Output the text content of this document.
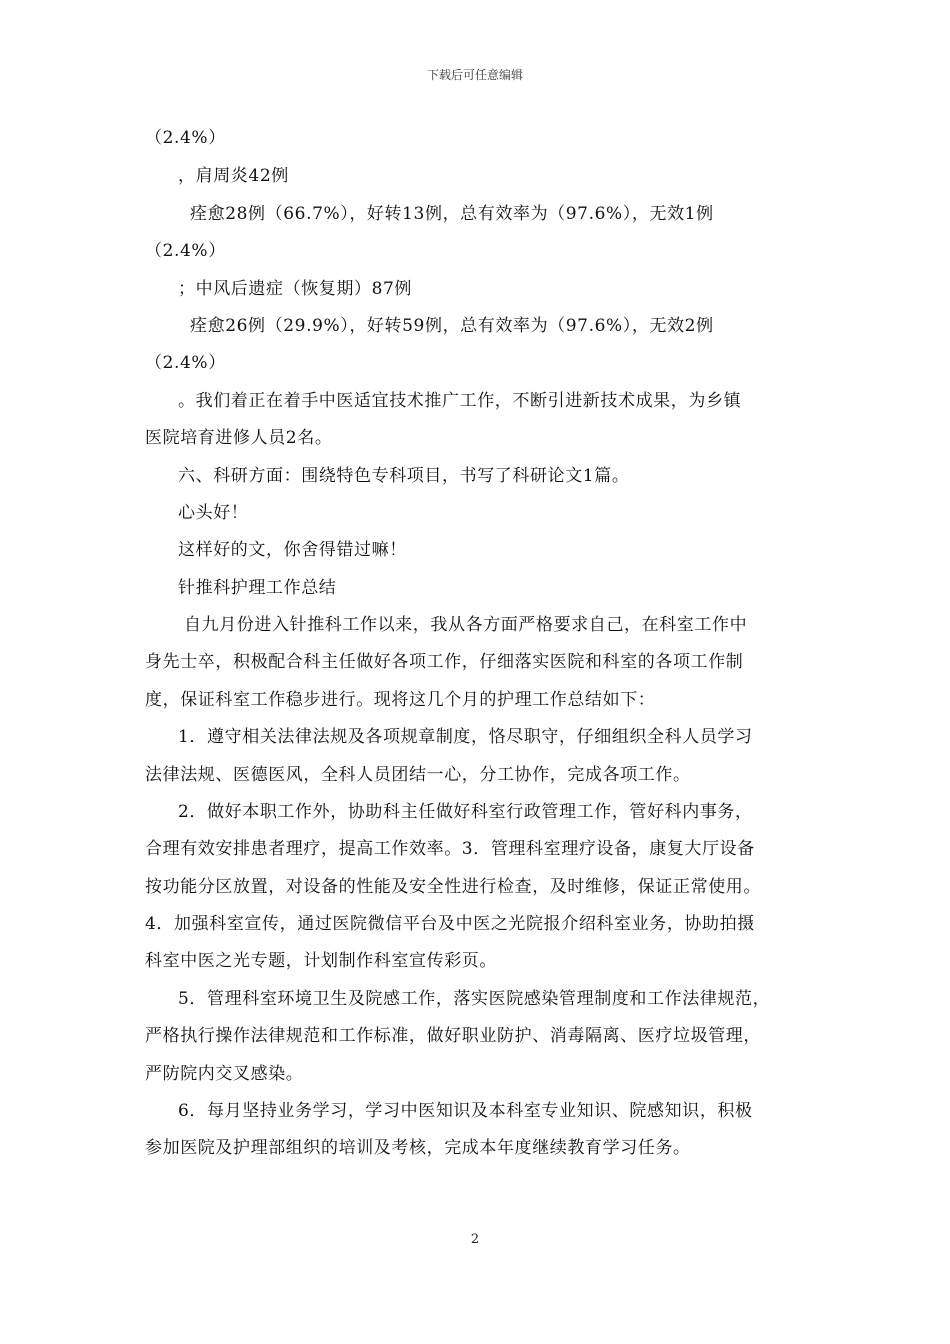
下载后可任意编辑
（2.4%）
，肩周炎42例
痊愈28例（66.7%），好转13例，总有效率为（97.6%），无效1例
（2.4%）
；中风后遗症（恢复期）87例
痊愈26例（29.9%），好转59例，总有效率为（97.6%），无效2例
（2.4%）
。我们着正在着手中医适宜技术推广工作，不断引进新技术成果，为乡镇
医院培育进修人员2名。
六、科研方面：围绕特色专科项目，书写了科研论文1篇。
心头好！
这样好的文，你舍得错过嘛！
针推科护理工作总结
自九月份进入针推科工作以来，我从各方面严格要求自己，在科室工作中
身先士卒，积极配合科主任做好各项工作，仔细落实医院和科室的各项工作制
度，保证科室工作稳步进行。现将这几个月的护理工作总结如下：
1．遵守相关法律法规及各项规章制度，恪尽职守，仔细组织全科人员学习
法律法规、医德医风，全科人员团结一心，分工协作，完成各项工作。
2．做好本职工作外，协助科主任做好科室行政管理工作，管好科内事务，
合理有效安排患者理疗，提高工作效率。3．管理科室理疗设备，康复大厅设备
按功能分区放置，对设备的性能及安全性进行检查，及时维修，保证正常使用。
4．加强科室宣传，通过医院微信平台及中医之光院报介绍科室业务，协助拍摄
科室中医之光专题，计划制作科室宣传彩页。
5．管理科室环境卫生及院感工作，落实医院感染管理制度和工作法律规范，
严格执行操作法律规范和工作标准，做好职业防护、消毒隔离、医疗垃圾管理，
严防院内交叉感染。
6．每月坚持业务学习，学习中医知识及本科室专业知识、院感知识，积极
参加医院及护理部组织的培训及考核，完成本年度继续教育学习任务。
2
